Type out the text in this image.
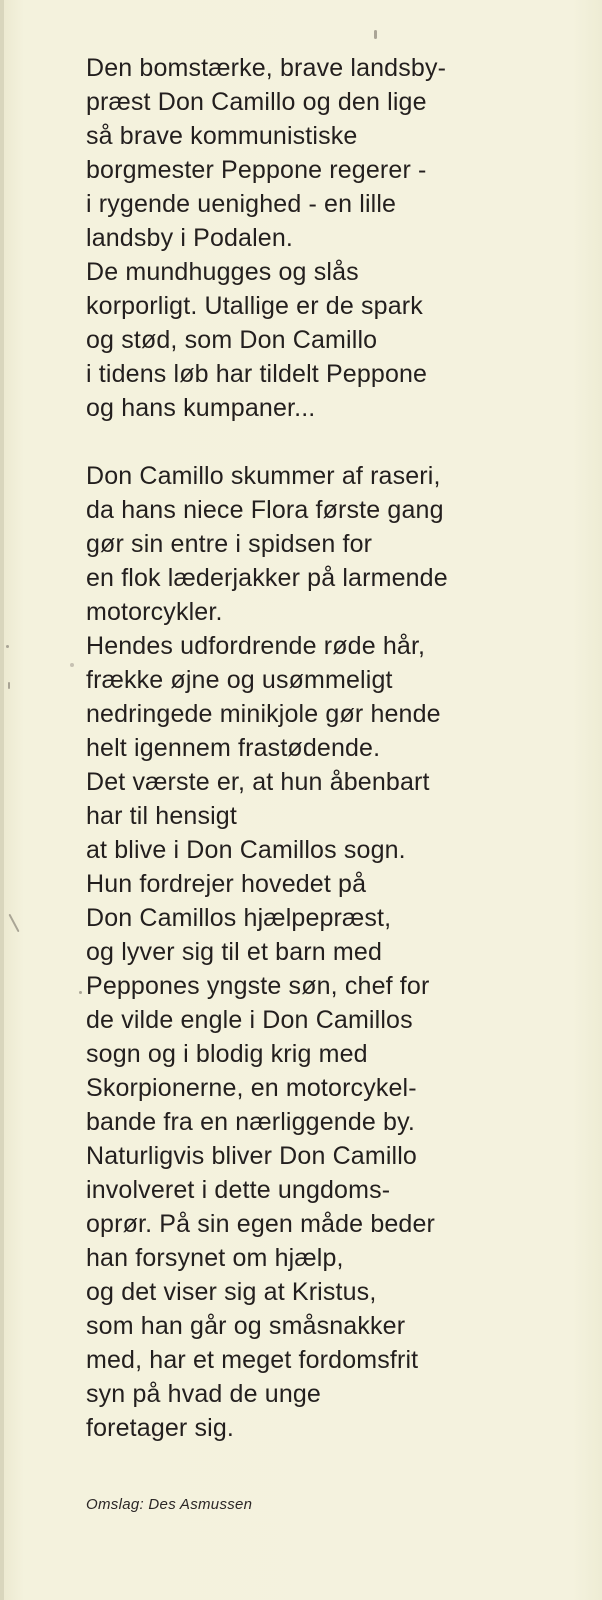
Den bomstærke, brave landsby-
præst Don Camillo og den lige
så brave kommunistiske
borgmester Peppone regerer -
i rygende uenighed - en lille
landsby i Podalen.
De mundhugges og slås
korporligt. Utallige er de spark
og stød, som Don Camillo
i tidens løb har tildelt Peppone
og hans kumpaner...
Don Camillo skummer af raseri,
da hans niece Flora første gang
gør sin entre i spidsen for
en flok læderjakker på larmende
motorcykler.
Hendes udfordrende røde hår,
frække øjne og usømmeligt
nedringede minikjole gør hende
helt igennem frastødende.
Det værste er, at hun åbenbart
har til hensigt
at blive i Don Camillos sogn.
Hun fordrejer hovedet på
Don Camillos hjælpepræst,
og lyver sig til et barn med
Peppones yngste søn, chef for
de vilde engle i Don Camillos
sogn og i blodig krig med
Skorpionerne, en motorcykel-
bande fra en nærliggende by.
Naturligvis bliver Don Camillo
involveret i dette ungdoms-
oprør. På sin egen måde beder
han forsynet om hjælp,
og det viser sig at Kristus,
som han går og småsnakker
med, har et meget fordomsfrit
syn på hvad de unge
foretager sig.
Omslag: Des Asmussen
